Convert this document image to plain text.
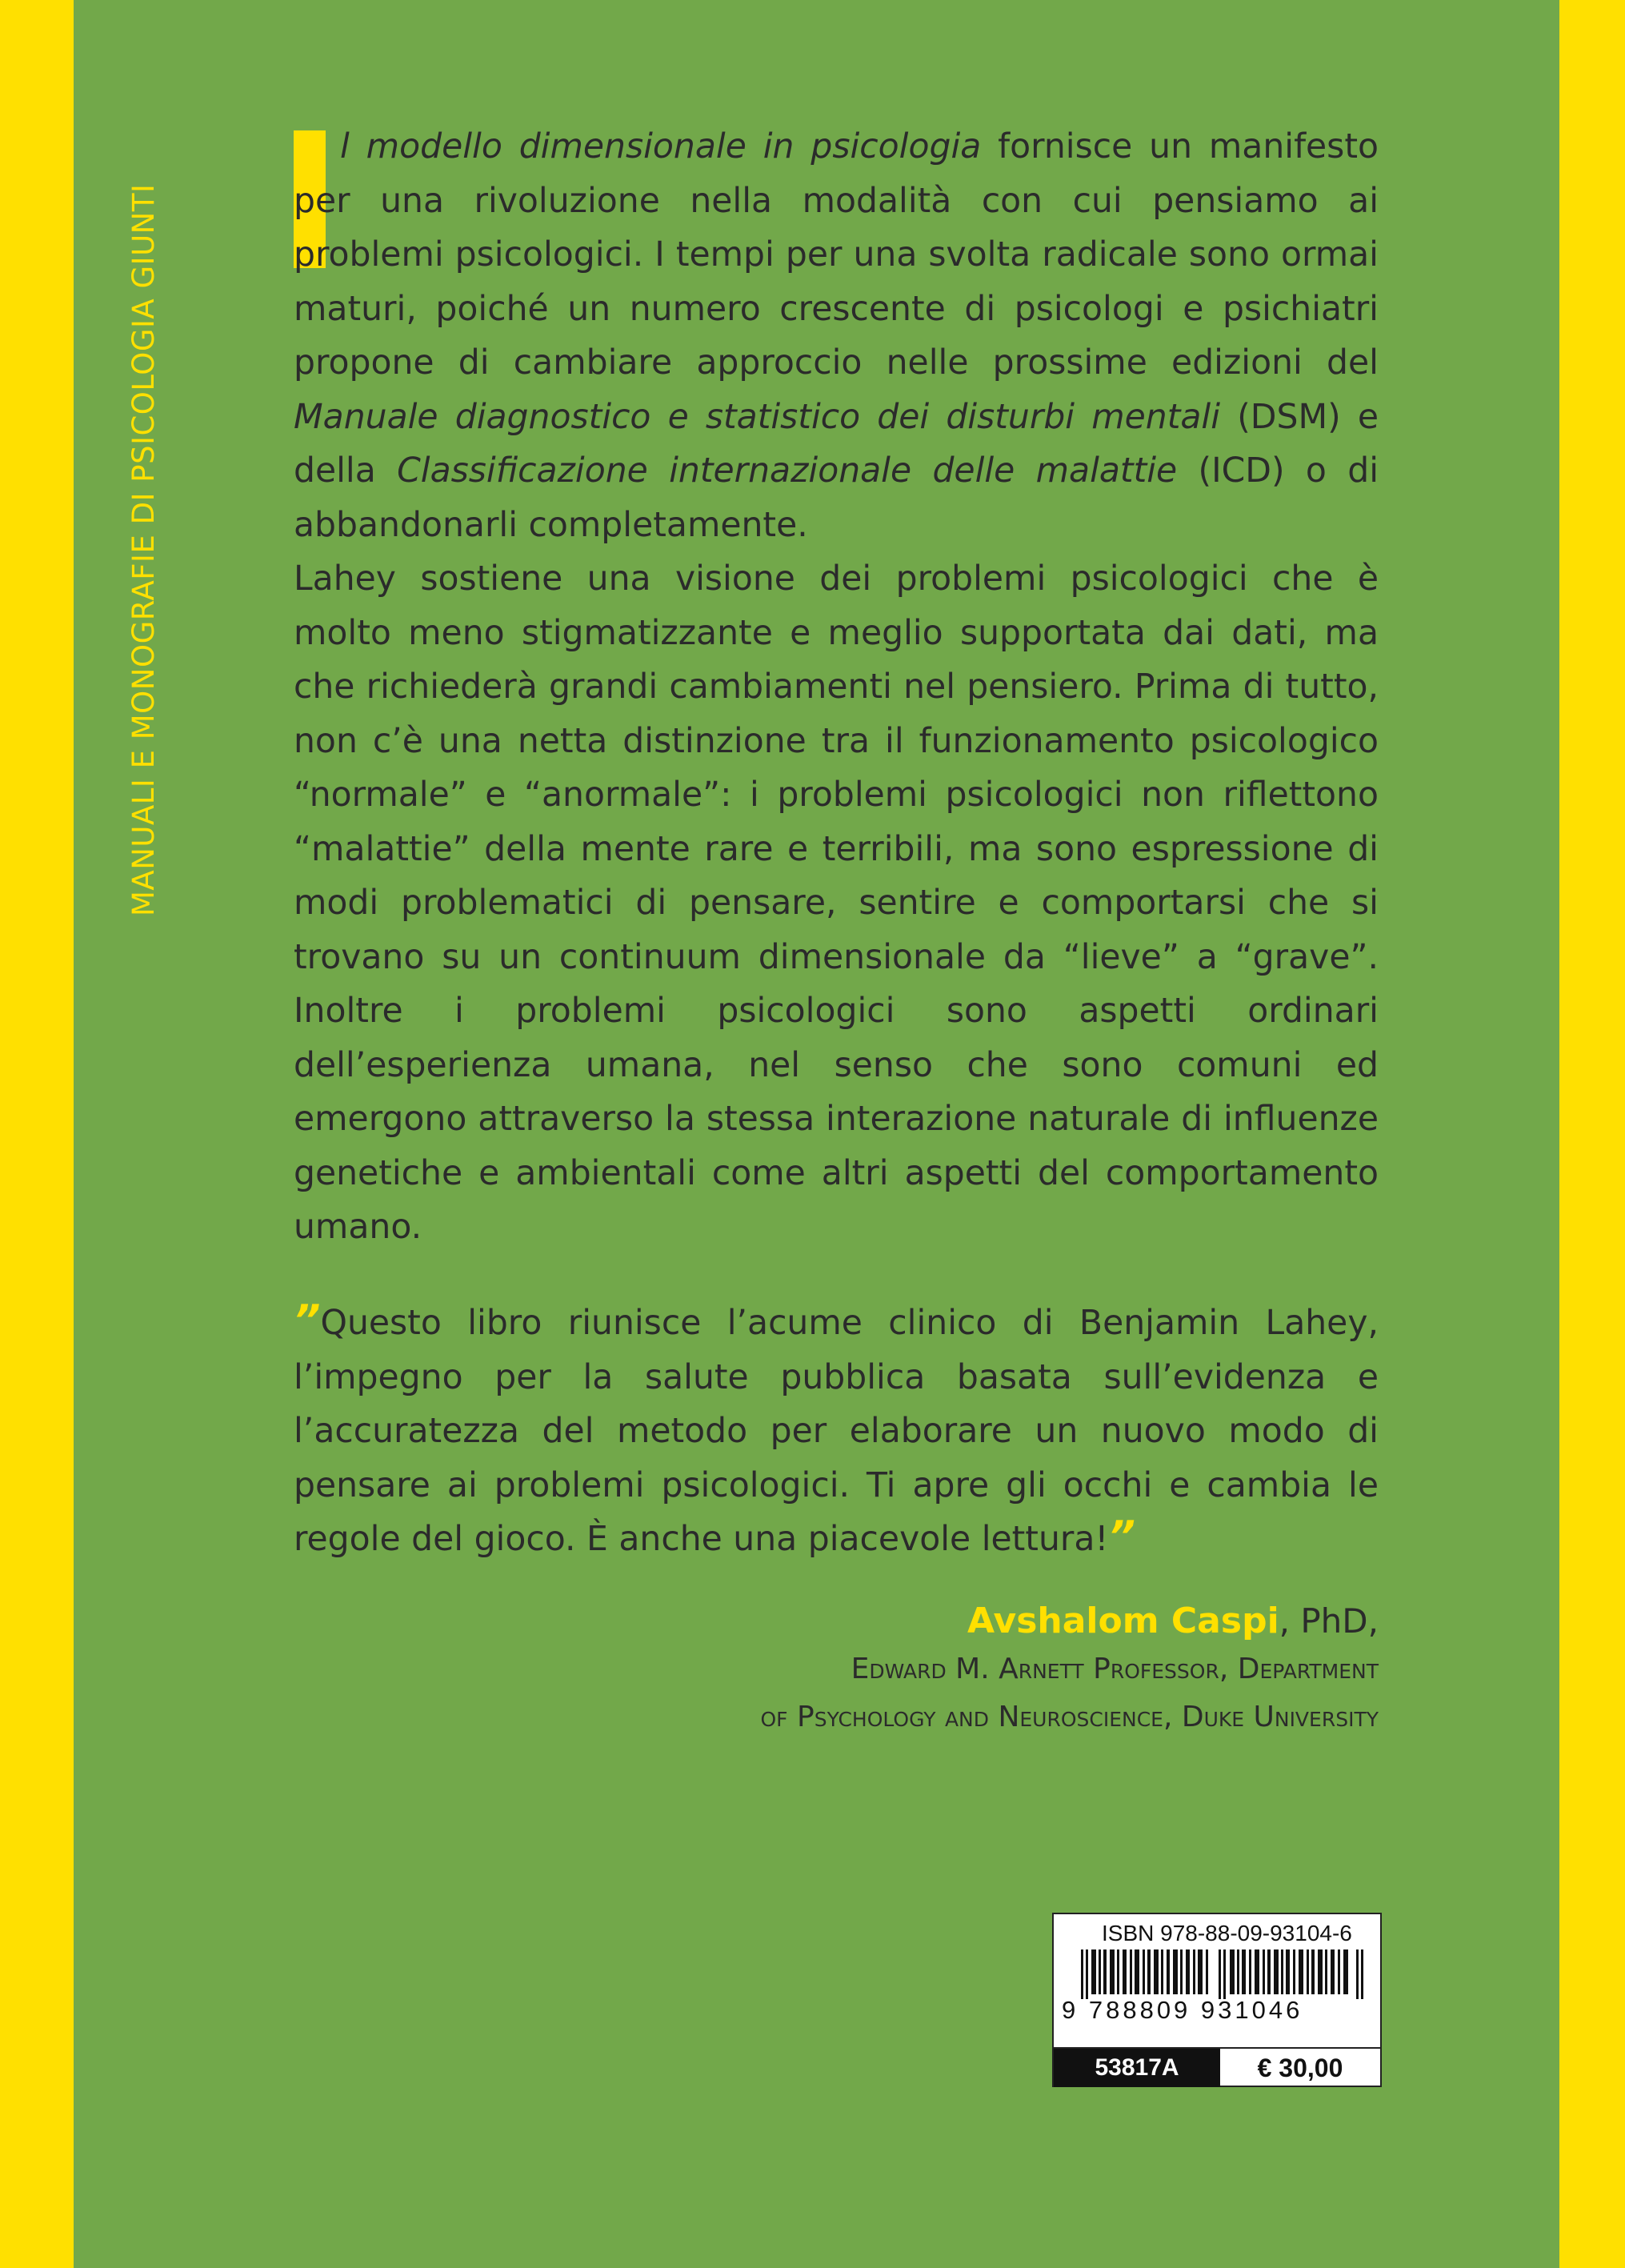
MANUALI E MONOGRAFIE DI PSICOLOGIA GIUNTI

l modello dimensionale in psicologia fornisce un manifesto per una rivoluzione nella modalità con cui pensiamo ai problemi psicologici. I tempi per una svolta radicale sono ormai maturi, poiché un numero crescente di psicologi e psichiatri propone di cambiare approccio nelle prossime edizioni del Manuale diagnostico e statistico dei disturbi mentali (DSM) e della Classificazione internazionale delle malattie (ICD) o di abbandonarli completamente.

Lahey sostiene una visione dei problemi psicologici che è molto meno stigmatizzante e meglio supportata dai dati, ma che richiederà grandi cambiamenti nel pensiero. Prima di tutto, non c’è una netta distinzione tra il funzionamento psicologico “normale” e “anormale”: i problemi psicologici non riflettono “malattie” della mente rare e terribili, ma sono espressione di modi problematici di pensare, sentire e comportarsi che si trovano su un continuum dimensionale da “lieve” a “grave”. Inoltre i problemi psicologici sono aspetti ordinari dell’esperienza umana, nel senso che sono comuni ed emergono attraverso la stessa interazione naturale di influenze genetiche e ambientali come altri aspetti del comportamento umano.

”Questo libro riunisce l’acume clinico di Benjamin Lahey, l’impegno per la salute pubblica basata sull’evidenza e l’accuratezza del metodo per elaborare un nuovo modo di pensare ai problemi psicologici. Ti apre gli occhi e cambia le regole del gioco. È anche una piacevole lettura!”

Avshalom Caspi, PhD,
Edward M. Arnett Professor, Department
of Psychology and Neuroscience, Duke University
ISBN 978-88-09-93104-6
9 788809 931046
53817A	€ 30,00
